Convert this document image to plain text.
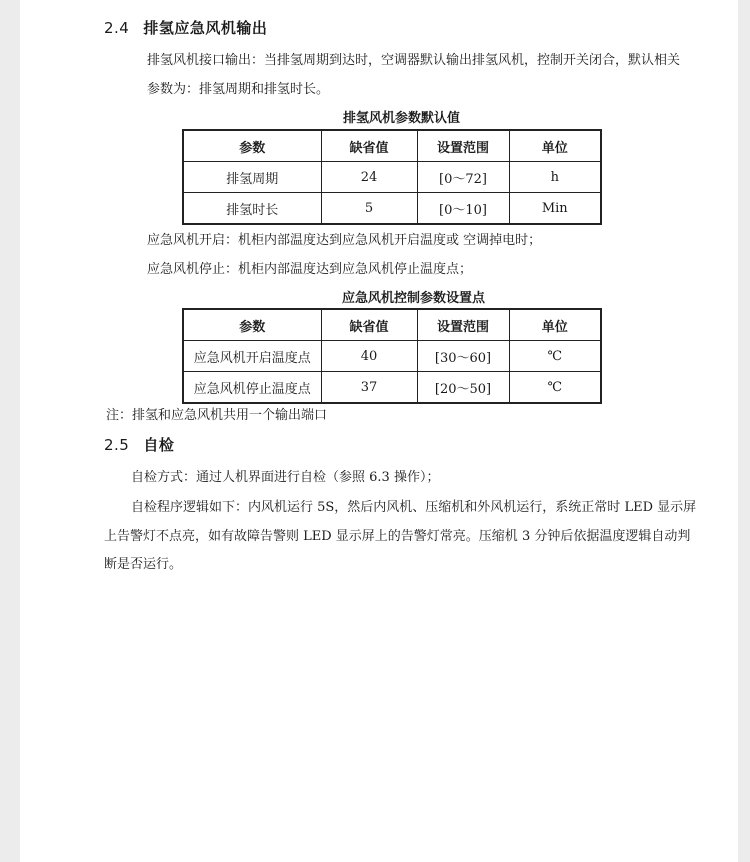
2.4 排氢应急风机输出
排氢风机接口输出：当排氢周期到达时，空调器默认输出排氢风机，控制开关闭合，默认相关
参数为：排氢周期和排氢时长。
排氢风机参数默认值
参数	缺省值	设置范围	单位
排氢周期	24	[0～72]	h
排氢时长	5	[0～10]	Min
应急风机开启：机柜内部温度达到应急风机开启温度或 空调掉电时；
应急风机停止：机柜内部温度达到应急风机停止温度点；
应急风机控制参数设置点
参数	缺省值	设置范围	单位
应急风机开启温度点	40	[30～60]	℃
应急风机停止温度点	37	[20～50]	℃
注：排氢和应急风机共用一个输出端口
2.5 自检
自检方式：通过人机界面进行自检（参照 6.3 操作）；
自检程序逻辑如下：内风机运行 5S，然后内风机、压缩机和外风机运行，系统正常时 LED 显示屏
上告警灯不点亮，如有故障告警则 LED 显示屏上的告警灯常亮。压缩机 3 分钟后依据温度逻辑自动判
断是否运行。
